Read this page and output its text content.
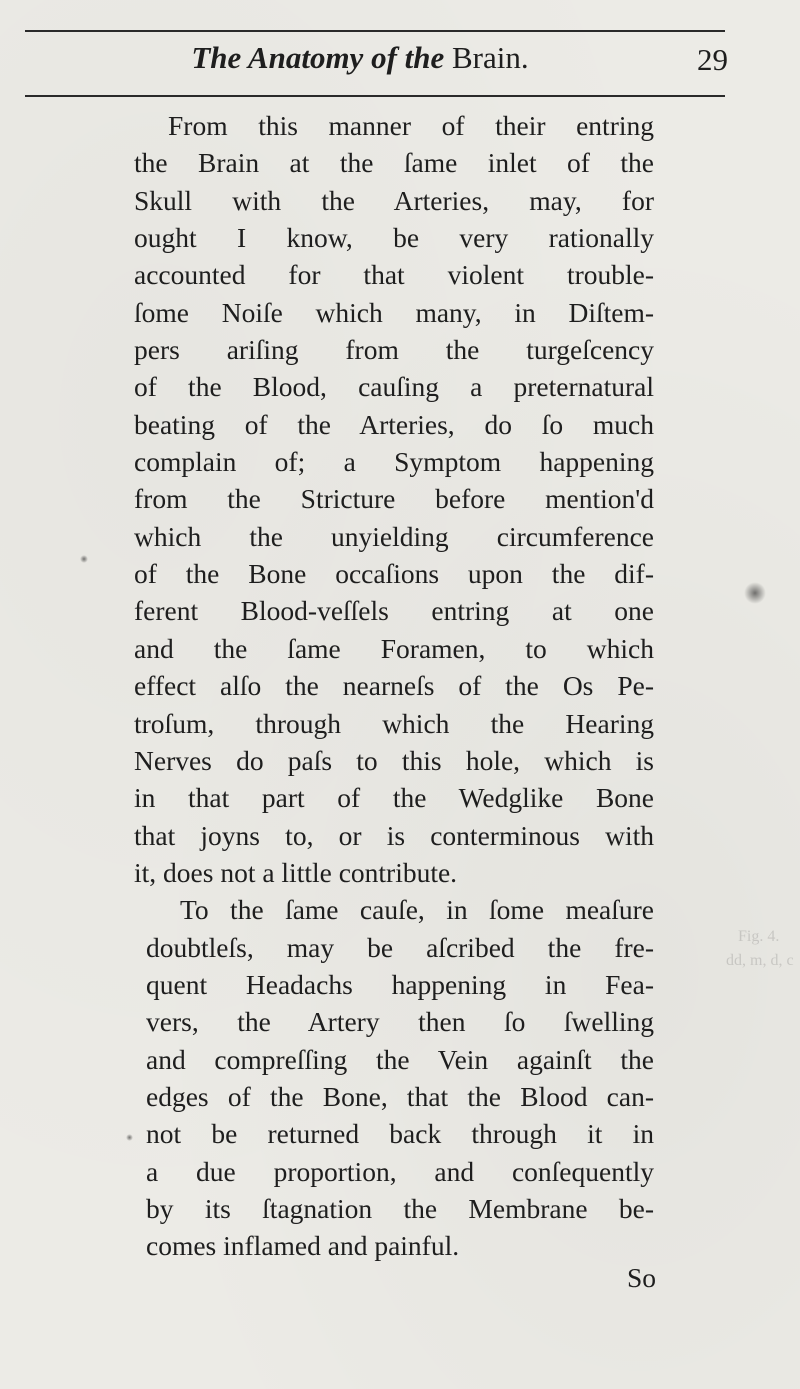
The Anatomy of the Brain.	29
From this manner of their entring
the Brain at the ſame inlet of the
Skull with the Arteries, may, for
ought I know, be very rationally
accounted for that violent trouble-
ſome Noiſe which many, in Diſtem-
pers ariſing from the turgeſcency
of the Blood, cauſing a preternatural
beating of the Arteries, do ſo much
complain of; a Symptom happening
from the Stricture before mention'd
which the unyielding circumference
of the Bone occaſions upon the dif-
ferent Blood-veſſels entring at one
and the ſame Foramen, to which
effect alſo the nearneſs of the Os Pe-
troſum, through which the Hearing
Nerves do paſs to this hole, which is
in that part of the Wedglike Bone
that joyns to, or is conterminous with
it, does not a little contribute.
To the ſame cauſe, in ſome meaſure
doubtleſs, may be aſcribed the fre-
quent Headachs happening in Fea-
vers, the Artery then ſo ſwelling
and compreſſing the Vein againſt the
edges of the Bone, that the Blood can-
not be returned back through it in
a due proportion, and conſequently
by its ſtagnation the Membrane be-
comes inflamed and painful.
So
Fig. 4.
dd, m, d, c
